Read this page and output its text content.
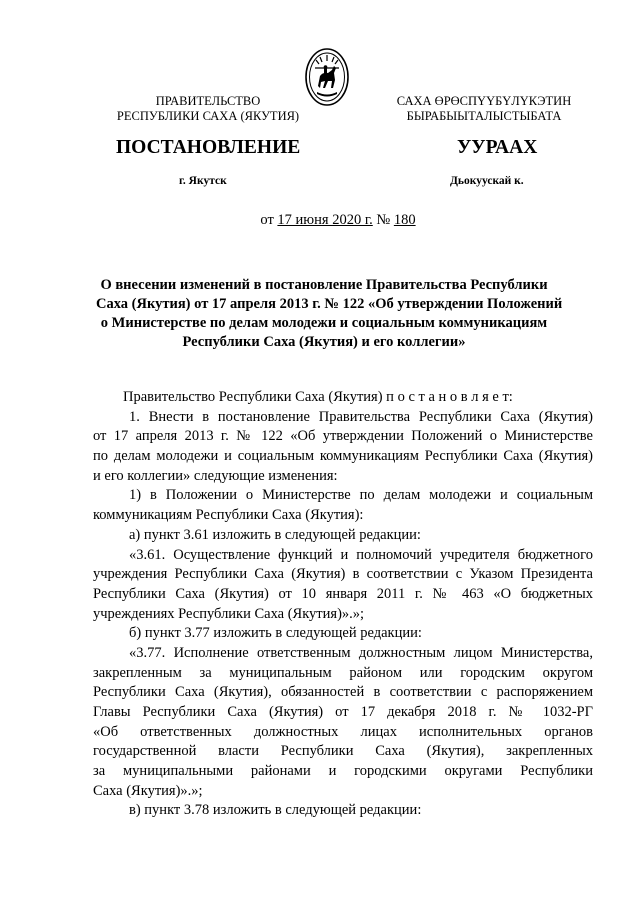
ПРАВИТЕЛЬСТВО
РЕСПУБЛИКИ САХА (ЯКУТИЯ)
САХА ӨРӨСПҮҮБҮЛҮКЭТИН
БЫРАБЫЫТАЛЫСТЫБАТА
ПОСТАНОВЛЕНИЕ	УУРААХ
г. Якутск	Дьокуускай к.
от 17 июня 2020 г. № 180
О внесении изменений в постановление Правительства Республики
Саха (Якутия) от 17 апреля 2013 г. № 122 «Об утверждении Положений
о Министерстве по делам молодежи и социальным коммуникациям
Республики Саха (Якутия) и его коллегии»
Правительство Республики Саха (Якутия) п о с т а н о в л я е т:
1. Внести в постановление Правительства Республики Саха (Якутия)
от 17 апреля 2013 г. № 122 «Об утверждении Положений о Министерстве
по делам молодежи и социальным коммуникациям Республики Саха (Якутия)
и его коллегии» следующие изменения:
1) в Положении о Министерстве по делам молодежи и социальным
коммуникациям Республики Саха (Якутия):
а) пункт 3.61 изложить в следующей редакции:
«3.61. Осуществление функций и полномочий учредителя бюджетного
учреждения Республики Саха (Якутия) в соответствии с Указом Президента
Республики Саха (Якутия) от 10 января 2011 г. № 463 «О бюджетных
учреждениях Республики Саха (Якутия)».»;
б) пункт 3.77 изложить в следующей редакции:
«3.77. Исполнение ответственным должностным лицом Министерства,
закрепленным за муниципальным районом или городским округом
Республики Саха (Якутия), обязанностей в соответствии с распоряжением
Главы Республики Саха (Якутия) от 17 декабря 2018 г. № 1032-РГ
«Об ответственных должностных лицах исполнительных органов
государственной власти Республики Саха (Якутия), закрепленных
за муниципальными районами и городскими округами Республики
Саха (Якутия)».»;
в) пункт 3.78 изложить в следующей редакции:
